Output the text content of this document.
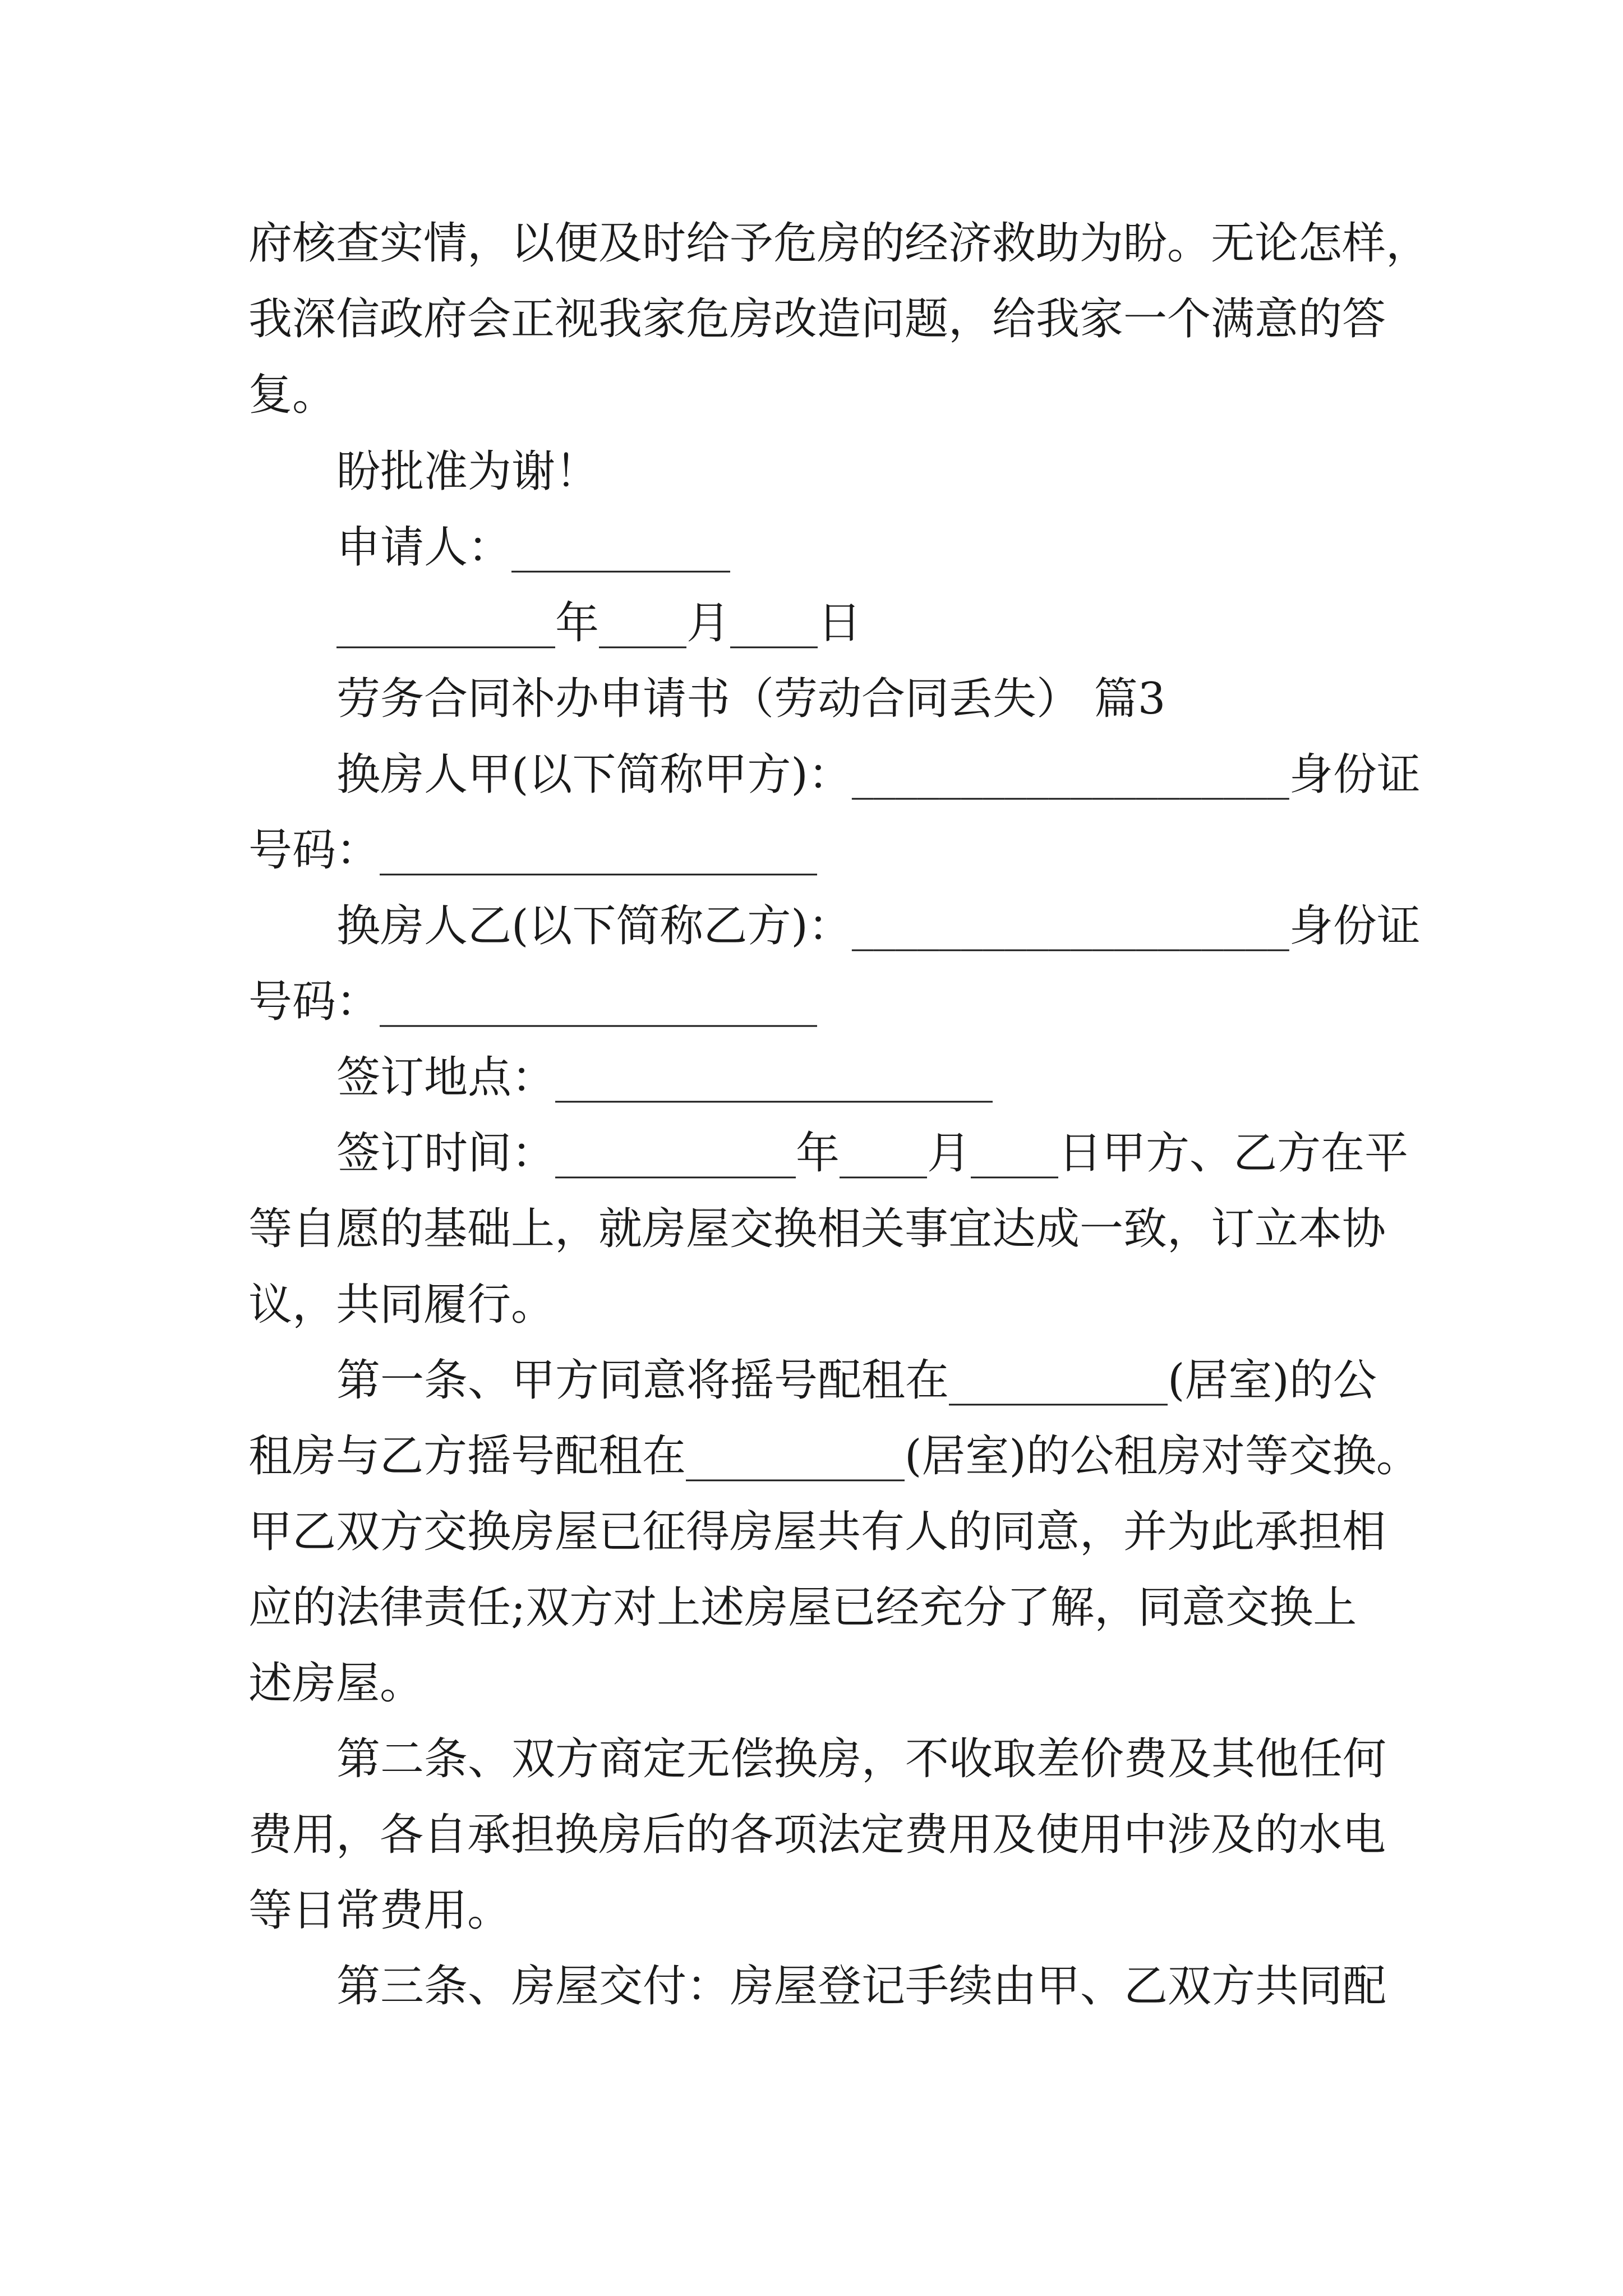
府核查实情，以便及时给予危房的经济救助为盼。无论怎样，
我深信政府会正视我家危房改造问题，给我家一个满意的答
复。
盼批准为谢！
申请人：__________
__________年____月____日
劳务合同补办申请书（劳动合同丢失） 篇3
换房人甲(以下简称甲方)：____________________身份证
号码：____________________
换房人乙(以下简称乙方)：____________________身份证
号码：____________________
签订地点：____________________
签订时间：___________年____月____日甲方、乙方在平
等自愿的基础上，就房屋交换相关事宜达成一致，订立本协
议，共同履行。
第一条、甲方同意将摇号配租在__________(居室)的公
租房与乙方摇号配租在__________(居室)的公租房对等交换。
甲乙双方交换房屋已征得房屋共有人的同意，并为此承担相
应的法律责任;双方对上述房屋已经充分了解，同意交换上
述房屋。
第二条、双方商定无偿换房，不收取差价费及其他任何
费用，各自承担换房后的各项法定费用及使用中涉及的水电
等日常费用。
第三条、房屋交付：房屋登记手续由甲、乙双方共同配
